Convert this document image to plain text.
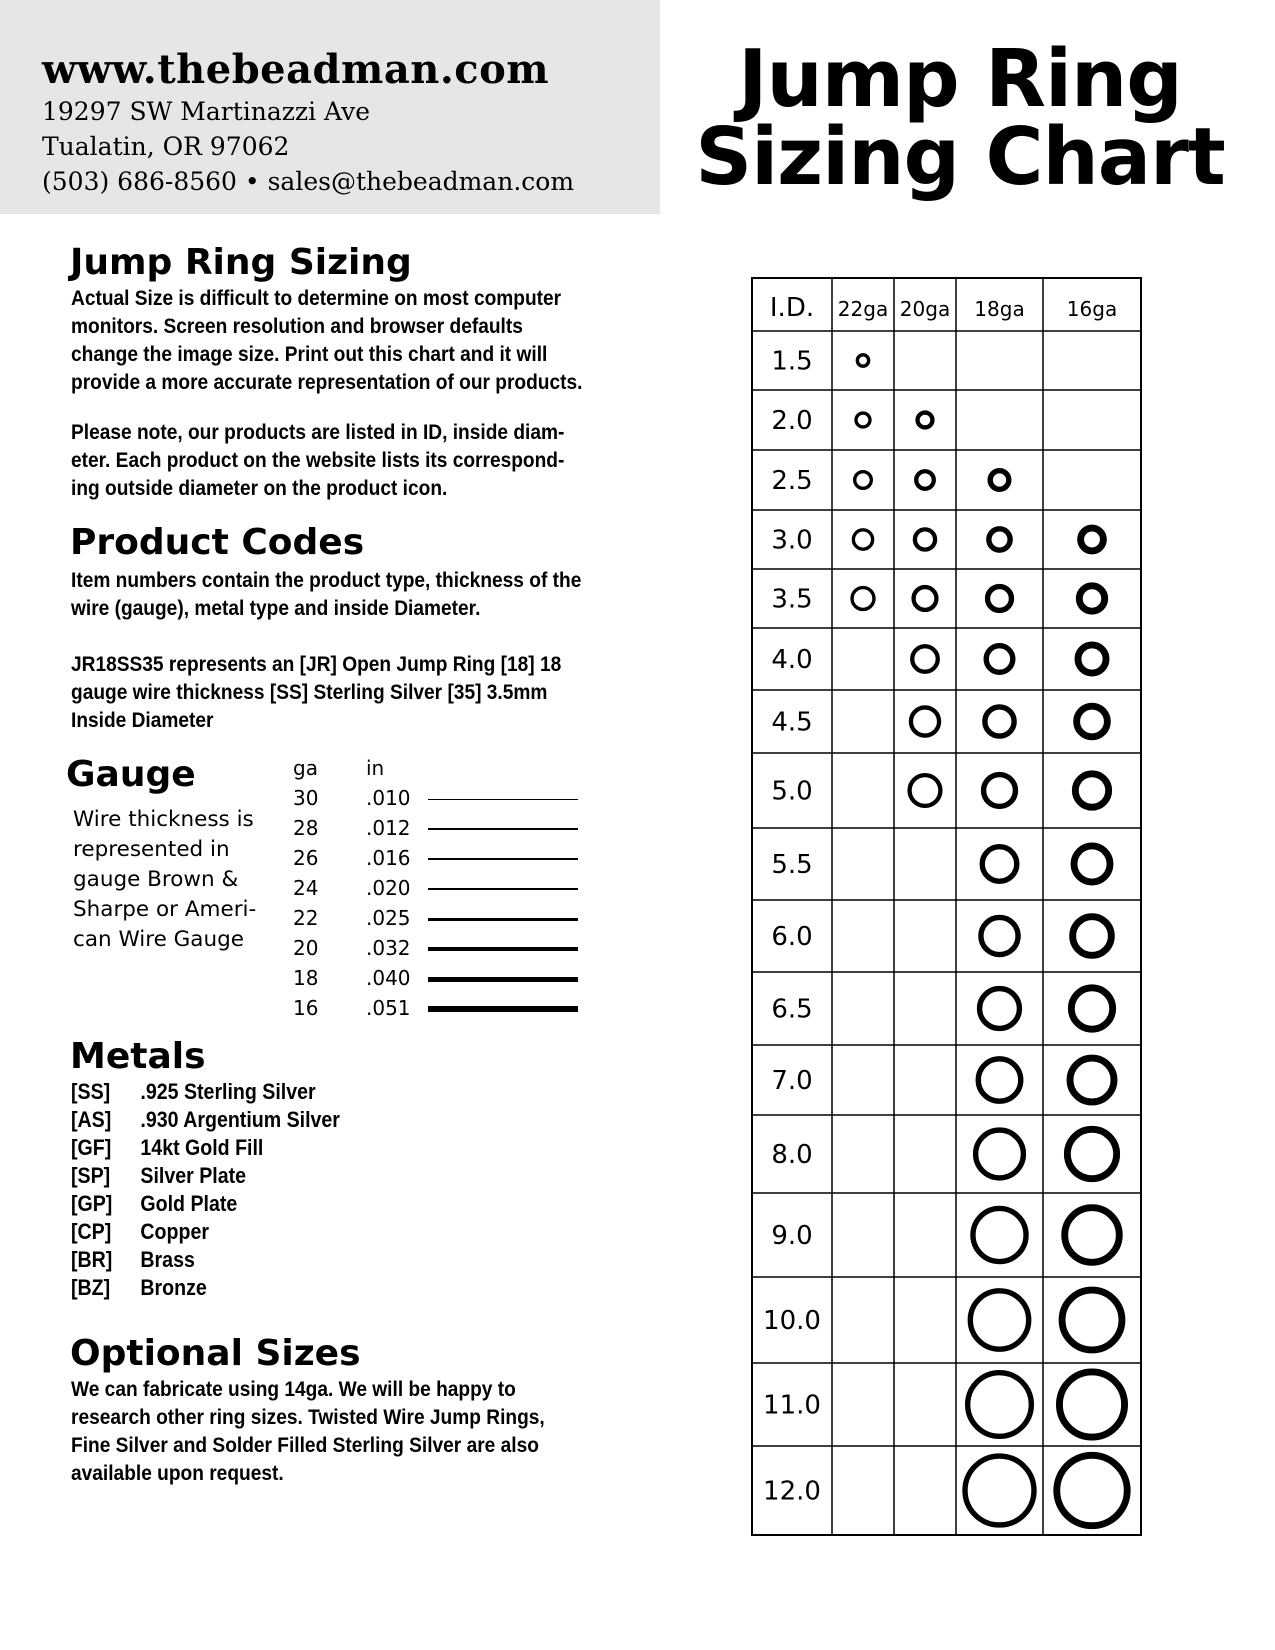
www.thebeadman.com
19297 SW Martinazzi Ave
Tualatin, OR 97062
(503) 686-8560 • sales@thebeadman.com
Jump Ring
Sizing Chart
Jump Ring Sizing
Actual Size is difficult to determine on most computer
monitors. Screen resolution and browser defaults
change the image size. Print out this chart and it will
provide a more accurate representation of our products.
Please note, our products are listed in ID, inside diam-
eter. Each product on the website lists its correspond-
ing outside diameter on the product icon.
Product Codes
Item numbers contain the product type, thickness of the
wire (gauge), metal type and inside Diameter.
JR18SS35 represents an [JR] Open Jump Ring [18] 18
gauge wire thickness [SS] Sterling Silver [35] 3.5mm
Inside Diameter
Gauge
Wire thickness is
represented in
gauge Brown &
Sharpe or Ameri-
can Wire Gauge
ga in
30 .010
28 .012
26 .016
24 .020
22 .025
20 .032
18 .040
16 .051
Metals
[SS] .925 Sterling Silver
[AS] .930 Argentium Silver
[GF] 14kt Gold Fill
[SP] Silver Plate
[GP] Gold Plate
[CP] Copper
[BR] Brass
[BZ] Bronze
Optional Sizes
We can fabricate using 14ga. We will be happy to
research other ring sizes. Twisted Wire Jump Rings,
Fine Silver and Solder Filled Sterling Silver are also
available upon request.
I.D. 22ga 20ga 18ga 16ga
1.5
2.0
2.5
3.0
3.5
4.0
4.5
5.0
5.5
6.0
6.5
7.0
8.0
9.0
10.0
11.0
12.0
